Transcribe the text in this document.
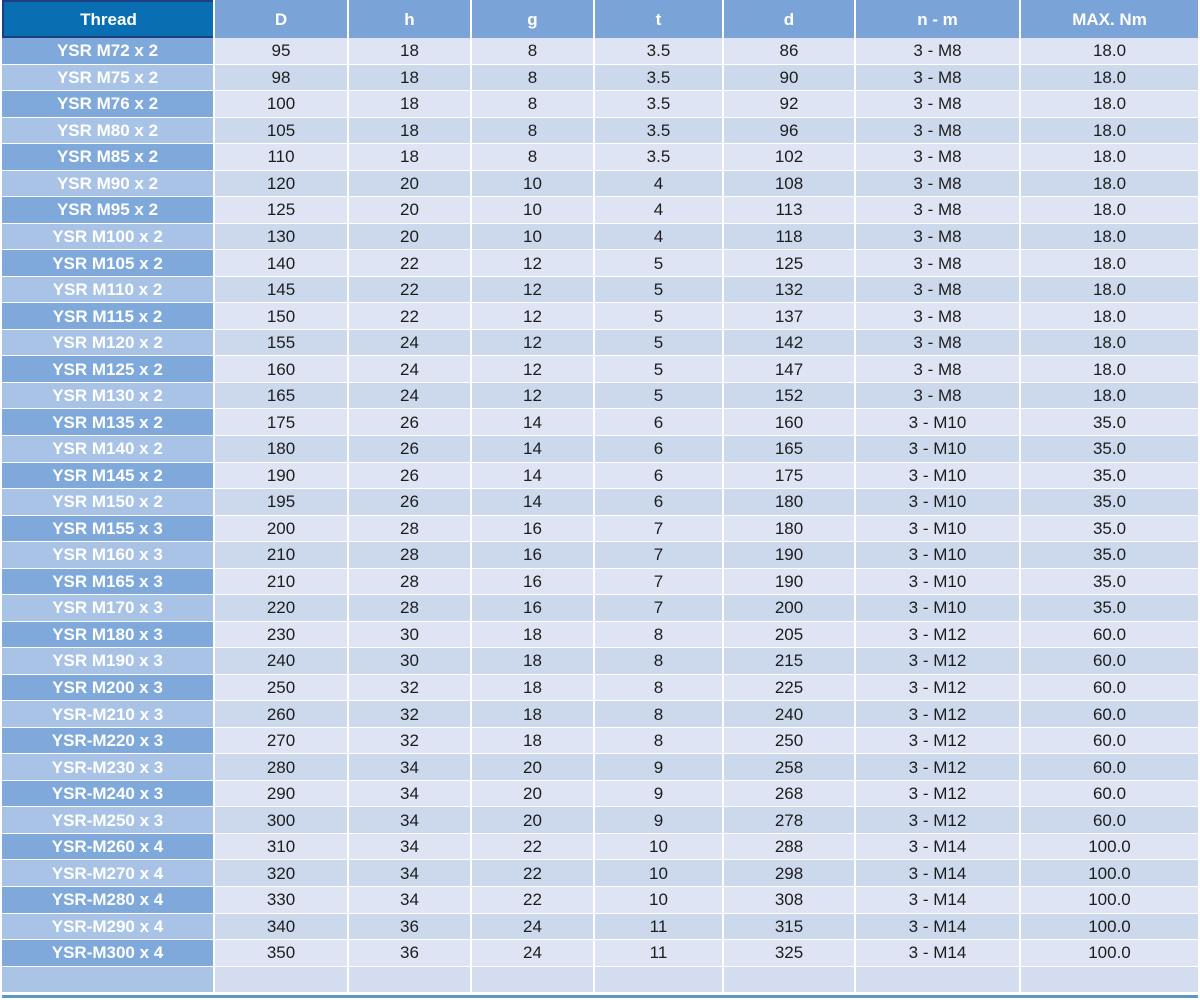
Thread	D	h	g	t	d	n - m	MAX. Nm
YSR M72 x 2	95	18	8	3.5	86	3 - M8	18.0
YSR M75 x 2	98	18	8	3.5	90	3 - M8	18.0
YSR M76 x 2	100	18	8	3.5	92	3 - M8	18.0
YSR M80 x 2	105	18	8	3.5	96	3 - M8	18.0
YSR M85 x 2	110	18	8	3.5	102	3 - M8	18.0
YSR M90 x 2	120	20	10	4	108	3 - M8	18.0
YSR M95 x 2	125	20	10	4	113	3 - M8	18.0
YSR M100 x 2	130	20	10	4	118	3 - M8	18.0
YSR M105 x 2	140	22	12	5	125	3 - M8	18.0
YSR M110 x 2	145	22	12	5	132	3 - M8	18.0
YSR M115 x 2	150	22	12	5	137	3 - M8	18.0
YSR M120 x 2	155	24	12	5	142	3 - M8	18.0
YSR M125 x 2	160	24	12	5	147	3 - M8	18.0
YSR M130 x 2	165	24	12	5	152	3 - M8	18.0
YSR M135 x 2	175	26	14	6	160	3 - M10	35.0
YSR M140 x 2	180	26	14	6	165	3 - M10	35.0
YSR M145 x 2	190	26	14	6	175	3 - M10	35.0
YSR M150 x 2	195	26	14	6	180	3 - M10	35.0
YSR M155 x 3	200	28	16	7	180	3 - M10	35.0
YSR M160 x 3	210	28	16	7	190	3 - M10	35.0
YSR M165 x 3	210	28	16	7	190	3 - M10	35.0
YSR M170 x 3	220	28	16	7	200	3 - M10	35.0
YSR M180 x 3	230	30	18	8	205	3 - M12	60.0
YSR M190 x 3	240	30	18	8	215	3 - M12	60.0
YSR M200 x 3	250	32	18	8	225	3 - M12	60.0
YSR-M210 x 3	260	32	18	8	240	3 - M12	60.0
YSR-M220 x 3	270	32	18	8	250	3 - M12	60.0
YSR-M230 x 3	280	34	20	9	258	3 - M12	60.0
YSR-M240 x 3	290	34	20	9	268	3 - M12	60.0
YSR-M250 x 3	300	34	20	9	278	3 - M12	60.0
YSR-M260 x 4	310	34	22	10	288	3 - M14	100.0
YSR-M270 x 4	320	34	22	10	298	3 - M14	100.0
YSR-M280 x 4	330	34	22	10	308	3 - M14	100.0
YSR-M290 x 4	340	36	24	11	315	3 - M14	100.0
YSR-M300 x 4	350	36	24	11	325	3 - M14	100.0
